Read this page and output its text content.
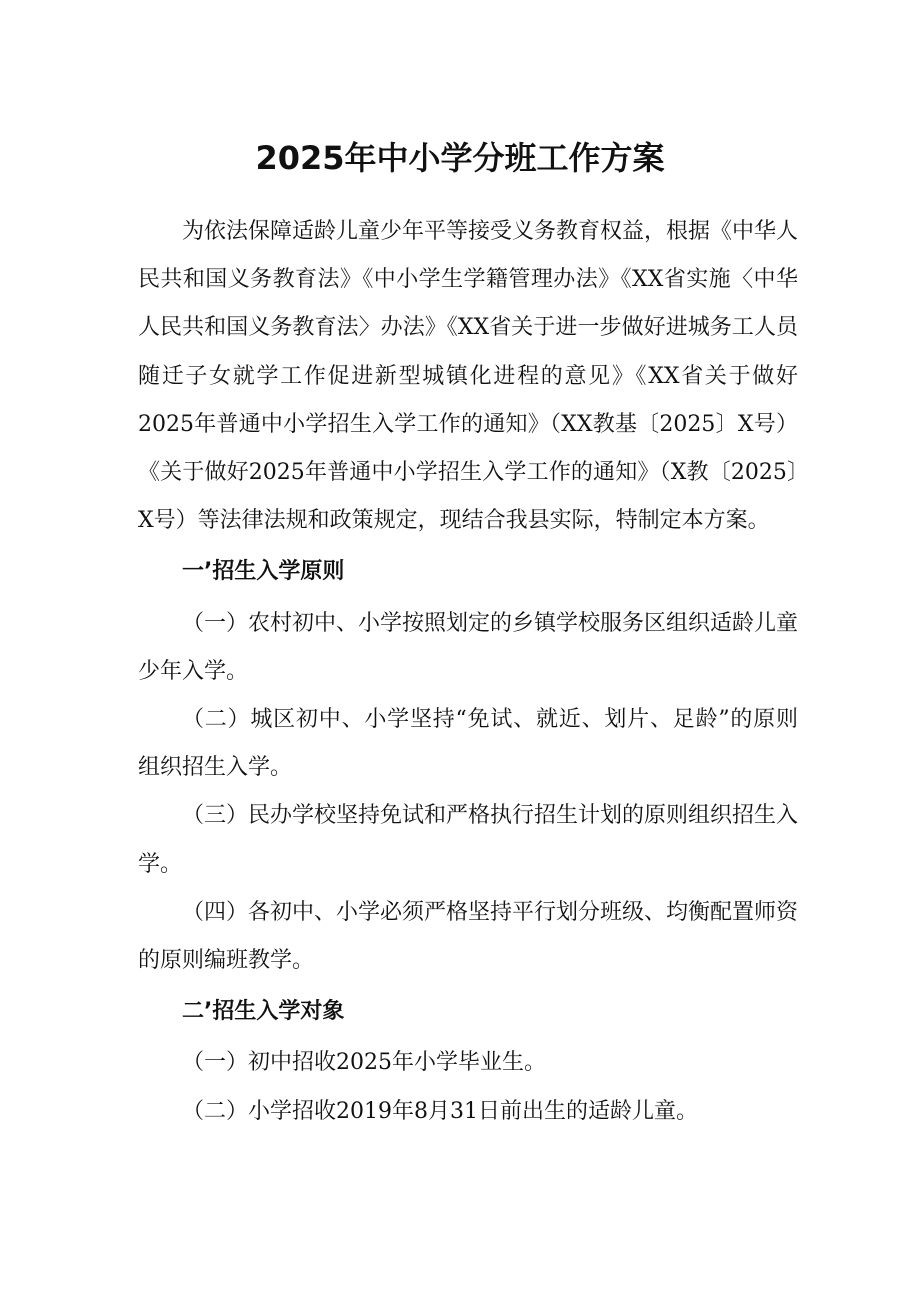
2025年中小学分班工作方案

为依法保障适龄儿童少年平等接受义务教育权益，根据《中华人民共和国义务教育法》《中小学生学籍管理办法》《XX省实施〈中华人民共和国义务教育法〉办法》《XX省关于进一步做好进城务工人员随迁子女就学工作促进新型城镇化进程的意见》《XX省关于做好2025年普通中小学招生入学工作的通知》（XX教基〔2025〕X号）《关于做好2025年普通中小学招生入学工作的通知》（X教〔2025〕X号）等法律法规和政策规定，现结合我县实际，特制定本方案。

一’招生入学原则

（一）农村初中、小学按照划定的乡镇学校服务区组织适龄儿童少年入学。

（二）城区初中、小学坚持“免试、就近、划片、足龄”的原则组织招生入学。

（三）民办学校坚持免试和严格执行招生计划的原则组织招生入学。

（四）各初中、小学必须严格坚持平行划分班级、均衡配置师资的原则编班教学。

二’招生入学对象

（一）初中招收2025年小学毕业生。

（二）小学招收2019年8月31日前出生的适龄儿童。
